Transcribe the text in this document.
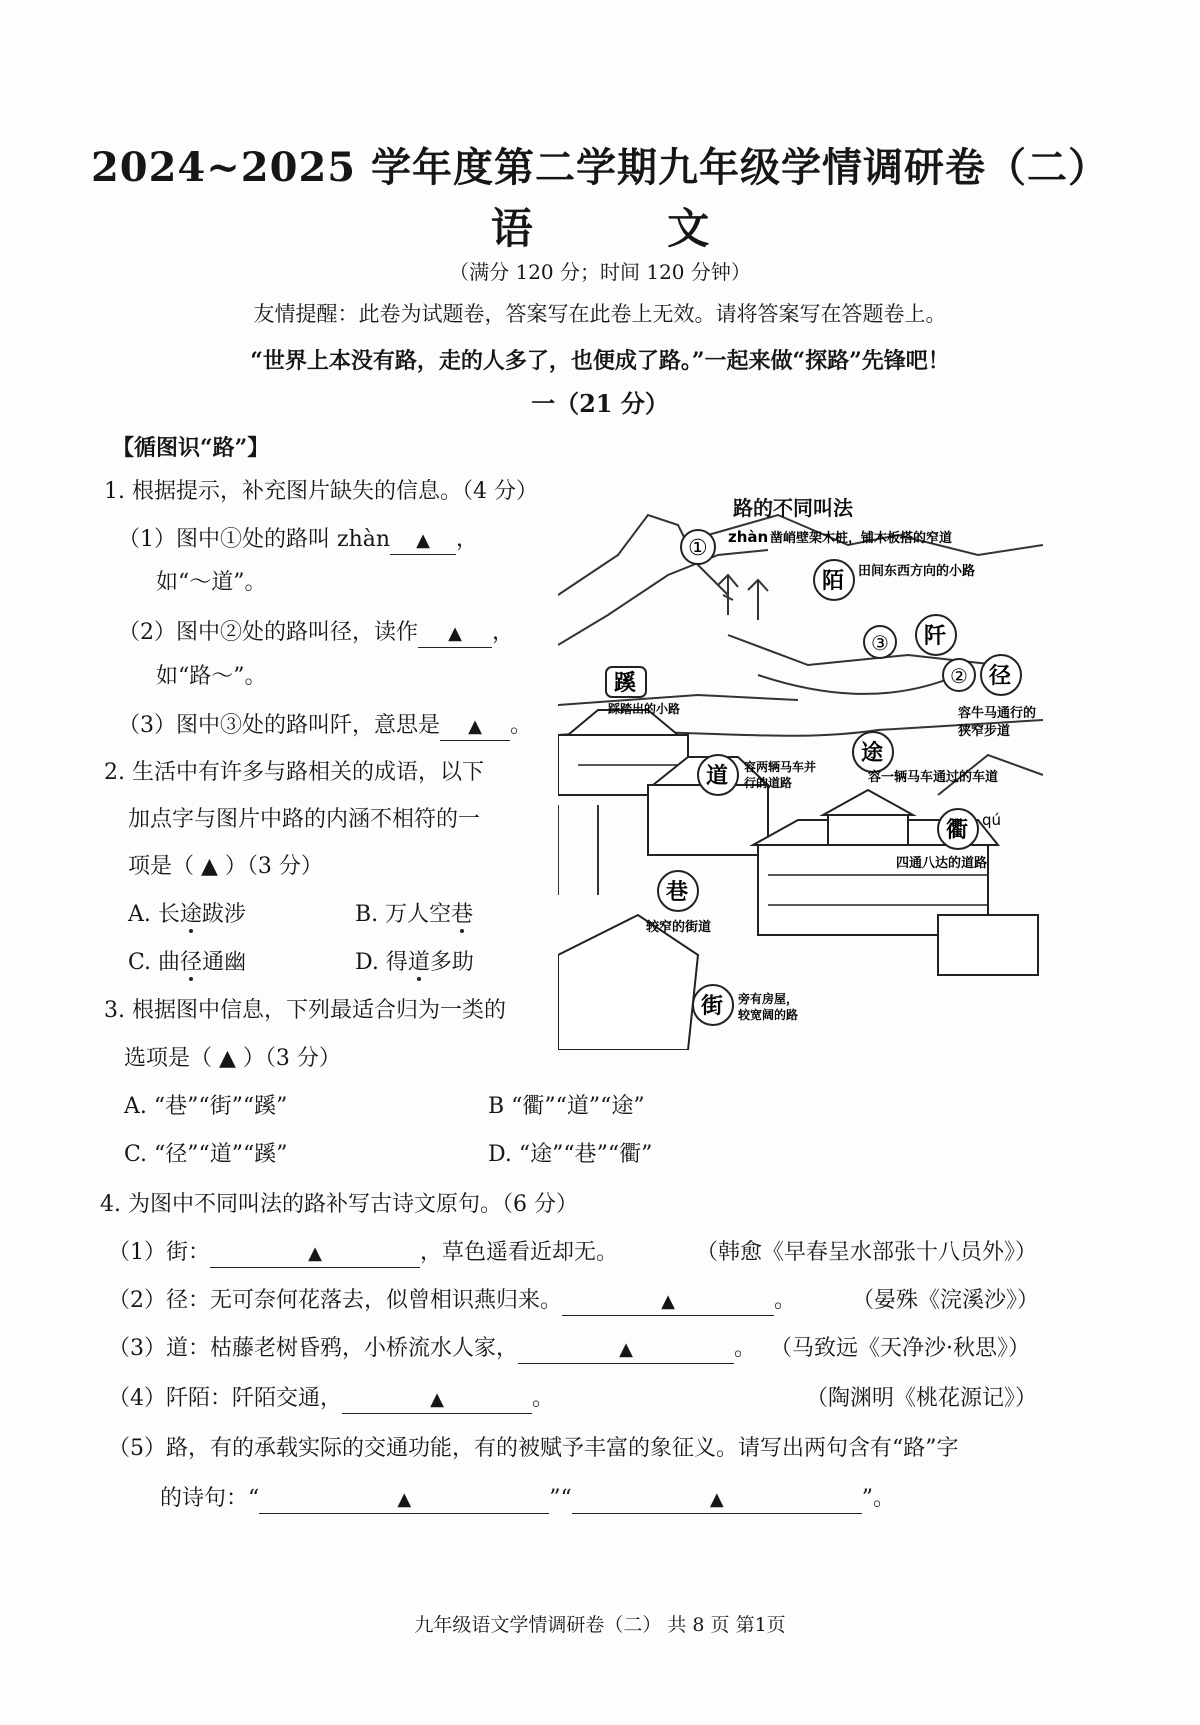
2024~2025 学年度第二学期九年级学情调研卷（二）
语 文
（满分 120 分；时间 120 分钟）
友情提醒：此卷为试题卷，答案写在此卷上无效。请将答案写在答题卷上。
“世界上本没有路，走的人多了，也便成了路。”一起来做“探路”先锋吧！
一（21 分）
【循图识“路”】
1. 根据提示，补充图片缺失的信息。（4 分）
（1）图中①处的路叫 zhàn ▲ ，
如“～道”。
（2）图中②处的路叫径，读作 ▲ ，
如“路～”。
（3）图中③处的路叫阡，意思是 ▲ 。
2. 生活中有许多与路相关的成语，以下
加点字与图片中路的内涵不相符的一
项是（ ▲ ）（3 分）
A. 长途跋涉	B. 万人空巷
C. 曲径通幽	D. 得道多助
3. 根据图中信息，下列最适合归为一类的
选项是（ ▲ ）（3 分）
A. “巷”“街”“蹊”	B “衢”“道”“途”
C. “径”“道”“蹊”	D. “途”“巷”“衢”
4. 为图中不同叫法的路补写古诗文原句。（6 分）
（1）街：	▲	，草色遥看近却无。	（韩愈《早春呈水部张十八员外》）
（2）径：无可奈何花落去，似曾相识燕归来。	▲	。	（晏殊《浣溪沙》）
（3）道：枯藤老树昏鸦，小桥流水人家，	▲	。 （马致远《天净沙·秋思》）
（4）阡陌：阡陌交通，	▲	。	（陶渊明《桃花源记》）
（5）路，有的承载实际的交通功能，有的被赋予丰富的象征义。请写出两句含有“路”字
的诗句：“	▲	”“	▲	”。
路的不同叫法
① zhàn 凿峭壁架木桩，铺木板搭的窄道
陌 田间东西方向的小路
③ 阡
② 径
蹊
踩踏出的小路	容牛马通行的
狭窄步道
途
容一辆马车通过的车道
道 容两辆马车并
行的道路
衢 qú
四通八达的道路
巷
较窄的街道
街 旁有房屋，
较宽阔的路
九年级语文学情调研卷（二） 共 8 页 第1页
